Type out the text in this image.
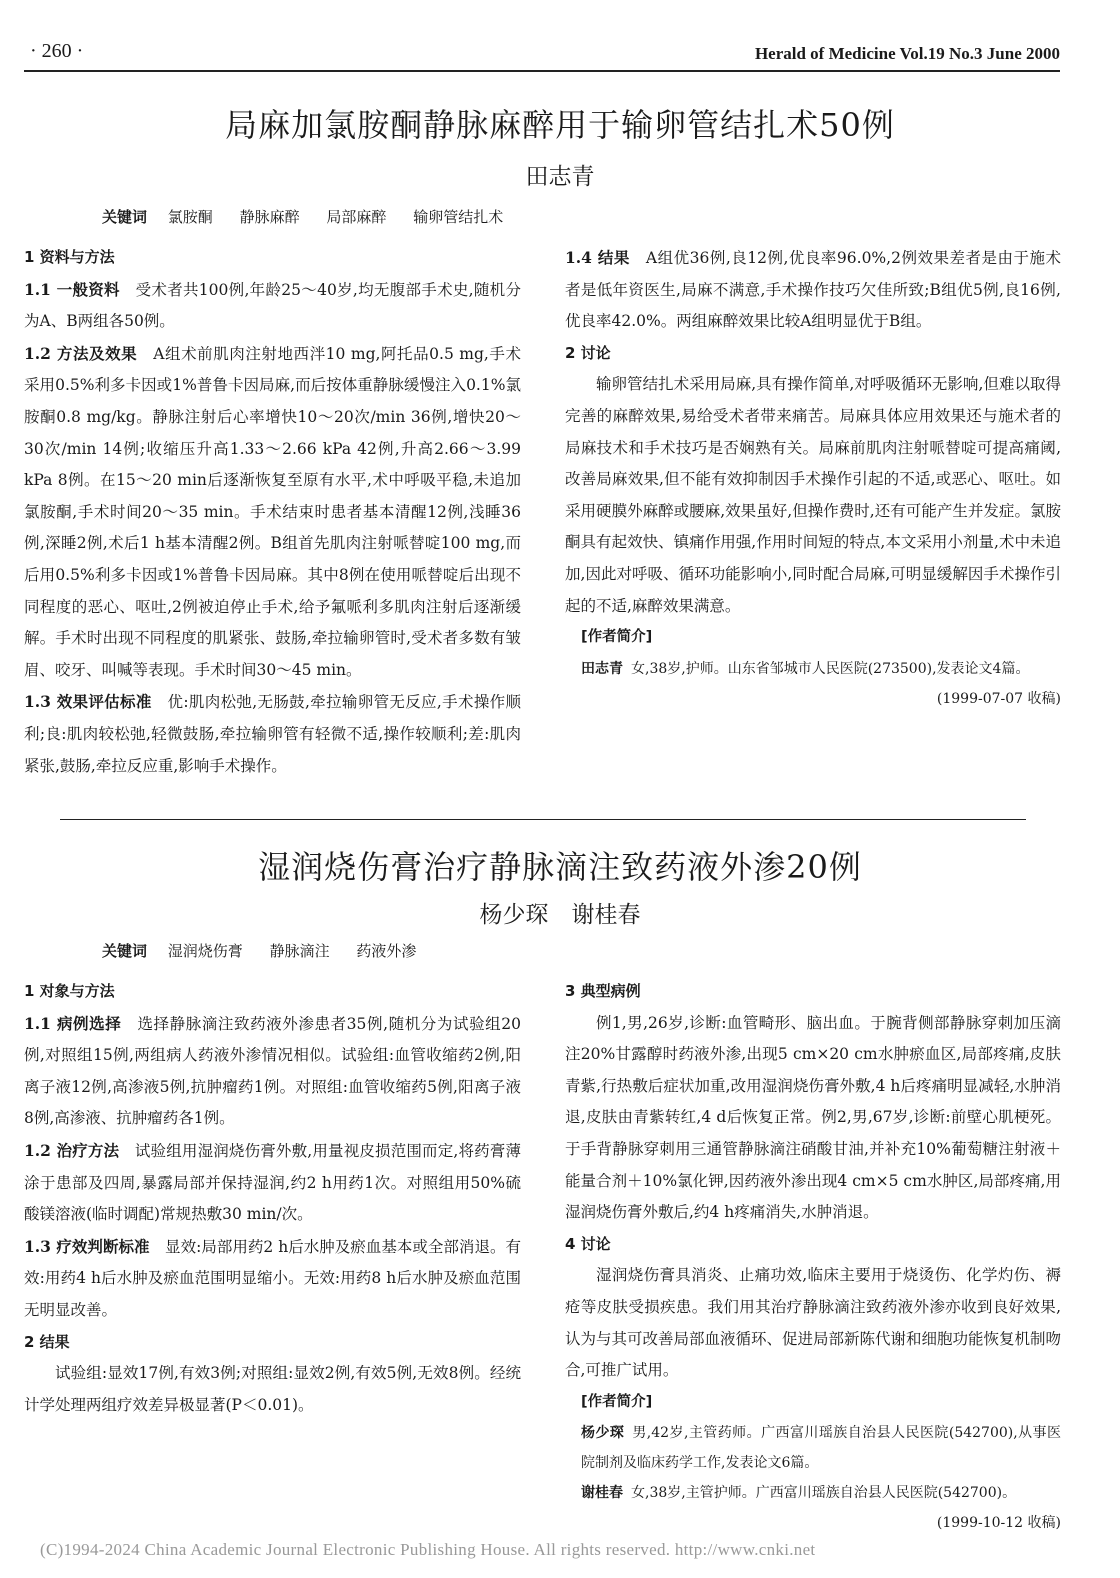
· 260 ·	Herald of Medicine Vol.19 No.3 June 2000
局麻加氯胺酮静脉麻醉用于输卵管结扎术50例
田志青
关键词 氯胺酮 静脉麻醉 局部麻醉 输卵管结扎术

1 资料与方法

1.1 一般资料　 受术者共100例,年龄25～40岁,均无腹部手术史,随机分为A、B两组各50例。

1.2 方法及效果　 A组术前肌肉注射地西泮10 mg,阿托品0.5 mg,手术采用0.5%利多卡因或1%普鲁卡因局麻,而后按体重静脉缓慢注入0.1%氯胺酮0.8 mg/kg。静脉注射后心率增快10～20次/min 36例,增快20～30次/min 14例;收缩压升高1.33～2.66 kPa 42例,升高2.66～3.99 kPa 8例。在15～20 min后逐渐恢复至原有水平,术中呼吸平稳,未追加氯胺酮,手术时间20～35 min。手术结束时患者基本清醒12例,浅睡36例,深睡2例,术后1 h基本清醒2例。B组首先肌肉注射哌替啶100 mg,而后用0.5%利多卡因或1%普鲁卡因局麻。其中8例在使用哌替啶后出现不同程度的恶心、呕吐,2例被迫停止手术,给予氟哌利多肌肉注射后逐渐缓解。手术时出现不同程度的肌紧张、鼓肠,牵拉输卵管时,受术者多数有皱眉、咬牙、叫喊等表现。手术时间30～45 min。

1.3 效果评估标准　 优:肌肉松弛,无肠鼓,牵拉输卵管无反应,手术操作顺利;良:肌肉较松弛,轻微鼓肠,牵拉输卵管有轻微不适,操作较顺利;差:肌肉紧张,鼓肠,牵拉反应重,影响手术操作。

1.4 结果　 A组优36例,良12例,优良率96.0%,2例效果差者是由于施术者是低年资医生,局麻不满意,手术操作技巧欠佳所致;B组优5例,良16例,优良率42.0%。两组麻醉效果比较A组明显优于B组。

2 讨论

输卵管结扎术采用局麻,具有操作简单,对呼吸循环无影响,但难以取得完善的麻醉效果,易给受术者带来痛苦。局麻具体应用效果还与施术者的局麻技术和手术技巧是否娴熟有关。局麻前肌肉注射哌替啶可提高痛阈,改善局麻效果,但不能有效抑制因手术操作引起的不适,或恶心、呕吐。如采用硬膜外麻醉或腰麻,效果虽好,但操作费时,还有可能产生并发症。氯胺酮具有起效快、镇痛作用强,作用时间短的特点,本文采用小剂量,术中未追加,因此对呼吸、循环功能影响小,同时配合局麻,可明显缓解因手术操作引起的不适,麻醉效果满意。

[作者简介]

田志青 女,38岁,护师。山东省邹城市人民医院(273500),发表论文4篇。
(1999-07-07 收稿)

湿润烧伤膏治疗静脉滴注致药液外渗20例
杨少琛　谢桂春
关键词 湿润烧伤膏 静脉滴注 药液外渗

1 对象与方法

1.1 病例选择　 选择静脉滴注致药液外渗患者35例,随机分为试验组20例,对照组15例,两组病人药液外渗情况相似。试验组:血管收缩药2例,阳离子液12例,高渗液5例,抗肿瘤药1例。对照组:血管收缩药5例,阳离子液8例,高渗液、抗肿瘤药各1例。

1.2 治疗方法　 试验组用湿润烧伤膏外敷,用量视皮损范围而定,将药膏薄涂于患部及四周,暴露局部并保持湿润,约2 h用药1次。对照组用50%硫酸镁溶液(临时调配)常规热敷30 min/次。

1.3 疗效判断标准　 显效:局部用药2 h后水肿及瘀血基本或全部消退。有效:用药4 h后水肿及瘀血范围明显缩小。无效:用药8 h后水肿及瘀血范围无明显改善。

2 结果

试验组:显效17例,有效3例;对照组:显效2例,有效5例,无效8例。经统计学处理两组疗效差异极显著(P＜0.01)。

3 典型病例

例1,男,26岁,诊断:血管畸形、脑出血。于腕背侧部静脉穿刺加压滴注20%甘露醇时药液外渗,出现5 cm×20 cm水肿瘀血区,局部疼痛,皮肤青紫,行热敷后症状加重,改用湿润烧伤膏外敷,4 h后疼痛明显减轻,水肿消退,皮肤由青紫转红,4 d后恢复正常。例2,男,67岁,诊断:前壁心肌梗死。于手背静脉穿刺用三通管静脉滴注硝酸甘油,并补充10%葡萄糖注射液＋能量合剂＋10%氯化钾,因药液外渗出现4 cm×5 cm水肿区,局部疼痛,用湿润烧伤膏外敷后,约4 h疼痛消失,水肿消退。

4 讨论

湿润烧伤膏具消炎、止痛功效,临床主要用于烧烫伤、化学灼伤、褥疮等皮肤受损疾患。我们用其治疗静脉滴注致药液外渗亦收到良好效果,认为与其可改善局部血液循环、促进局部新陈代谢和细胞功能恢复机制吻合,可推广试用。

[作者简介]

杨少琛 男,42岁,主管药师。广西富川瑶族自治县人民医院(542700),从事医院制剂及临床药学工作,发表论文6篇。

谢桂春 女,38岁,主管护师。广西富川瑶族自治县人民医院(542700)。
(1999-10-12 收稿)

(C)1994-2024 China Academic Journal Electronic Publishing House. All rights reserved. http://www.cnki.net
